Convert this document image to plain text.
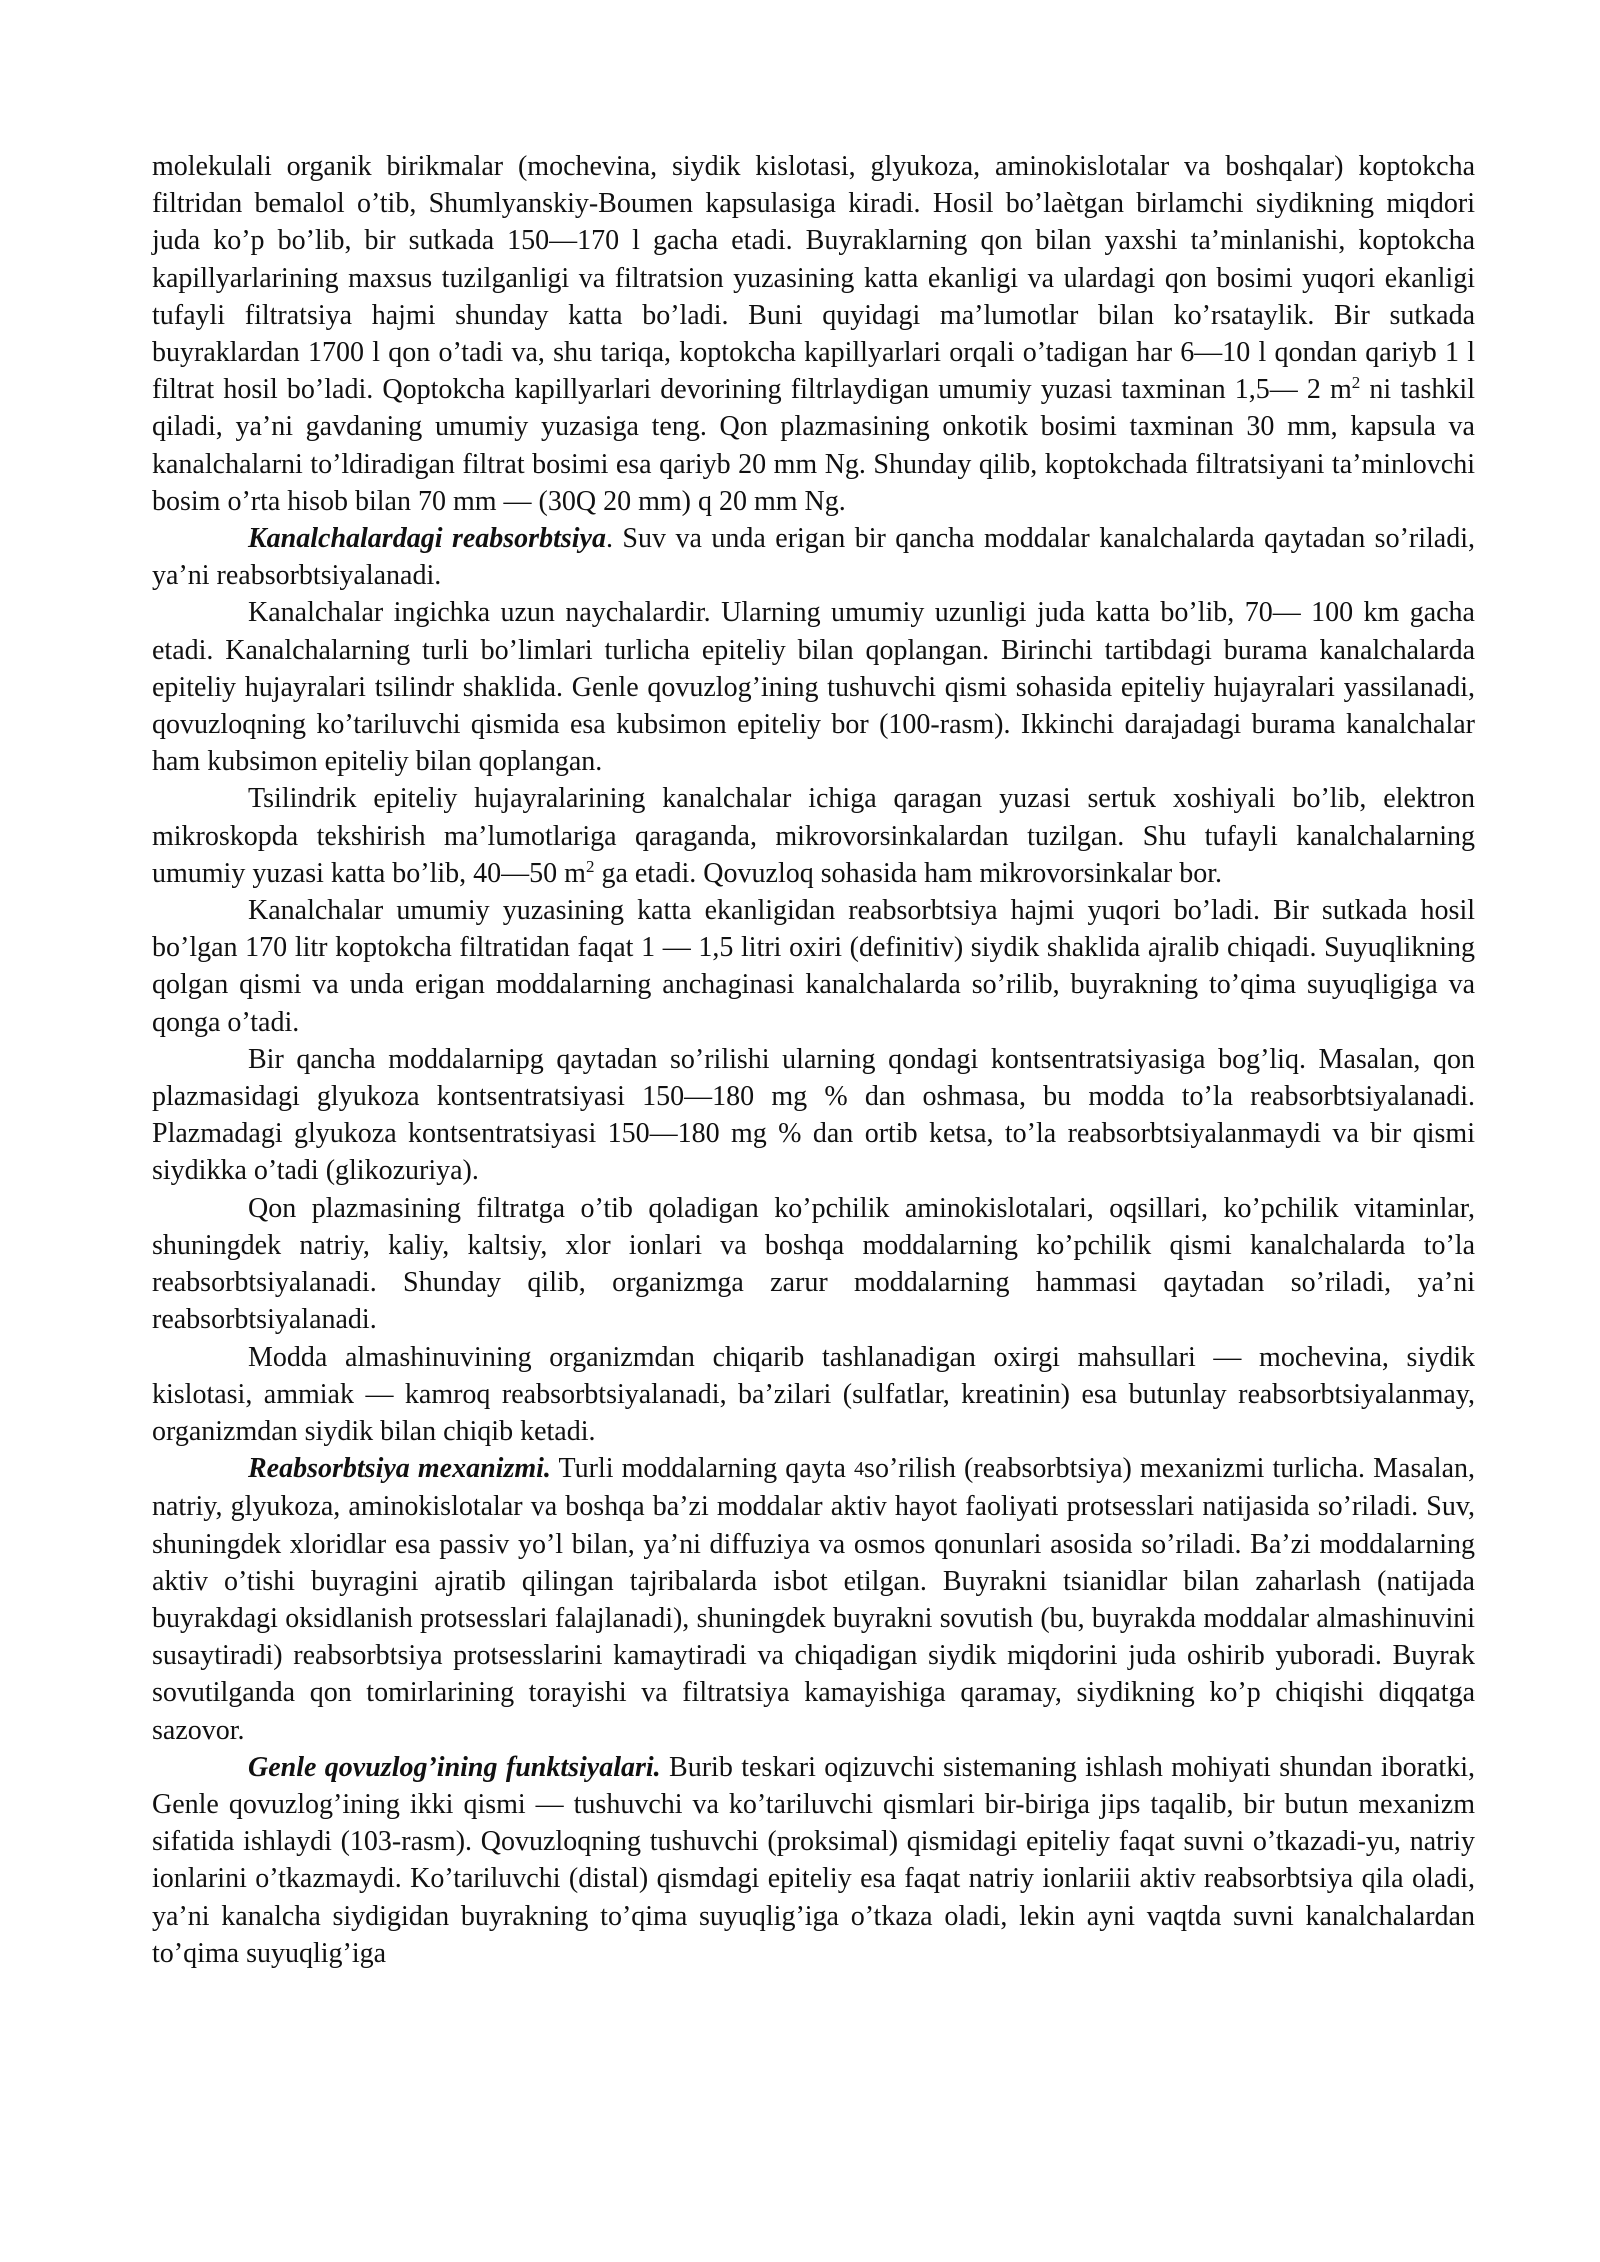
molekulali organik birikmalar (mochevina, siydik kislotasi, glyukoza, aminokislotalar va boshqalar) koptokcha filtridan bemalol o’tib, Shumlyanskiy-Boumen kapsulasiga kiradi. Hosil bo’laètgan birlamchi siydikning miqdori juda ko’p bo’lib, bir sutkada 150—170 l gacha etadi. Buyraklarning qon bilan yaxshi ta’minlanishi, koptokcha kapillyarlarining maxsus tuzilganligi va filtratsion yuzasining katta ekanligi va ulardagi qon bosimi yuqori ekanligi tufayli filtratsiya hajmi shunday katta bo’ladi. Buni quyidagi ma’lumotlar bilan ko’rsataylik. Bir sutkada buyraklardan 1700 l qon o’tadi va, shu tariqa, koptokcha kapillyarlari orqali o’tadigan har 6—10 l qondan qariyb 1 l filtrat hosil bo’ladi. Qoptokcha kapillyarlari devorining filtrlaydigan umumiy yuzasi taxminan 1,5— 2 $m^2$ ni tashkil qiladi, ya’ni gavdaning umumiy yuzasiga teng. Qon plazmasining onkotik bosimi taxminan 30 mm, kapsula va kanalchalarni to’ldiradigan filtrat bosimi esa qariyb 20 mm Ng. Shunday qilib, koptokchada filtratsiyani ta’minlovchi bosim o’rta hisob bilan 70 mm — (30Q 20 mm) q 20 mm Ng.

Kanalchalardagi reabsorbtsiya. Suv va unda erigan bir qancha moddalar kanalchalarda qaytadan so’riladi, ya’ni reabsorbtsiyalanadi.

Kanalchalar ingichka uzun naychalardir. Ularning umumiy uzunligi juda katta bo’lib, 70— 100 km gacha etadi. Kanalchalarning turli bo’limlari turlicha epiteliy bilan qoplangan. Birinchi tartibdagi burama kanalchalarda epiteliy hujayralari tsilindr shaklida. Genle qovuzlog’ining tushuvchi qismi sohasida epiteliy hujayralari yassilanadi, qovuzloqning ko’tariluvchi qismida esa kubsimon epiteliy bor (100-rasm). Ikkinchi darajadagi burama kanalchalar ham kubsimon epiteliy bilan qoplangan.

Tsilindrik epiteliy hujayralarining kanalchalar ichiga qaragan yuzasi sertuk xoshiyali bo’lib, elektron mikroskopda tekshirish ma’lumotlariga qaraganda, mikrovorsinkalardan tuzilgan. Shu tufayli kanalchalarning umumiy yuzasi katta bo’lib, 40—50 $m^2$ ga etadi. Qovuzloq sohasida ham mikrovorsinkalar bor.

Kanalchalar umumiy yuzasining katta ekanligidan reabsorbtsiya hajmi yuqori bo’ladi. Bir sutkada hosil bo’lgan 170 litr koptokcha filtratidan faqat 1 — 1,5 litri oxiri (definitiv) siydik shaklida ajralib chiqadi. Suyuqlikning qolgan qismi va unda erigan moddalarning anchaginasi kanalchalarda so’rilib, buyrakning to’qima suyuqligiga va qonga o’tadi.

Bir qancha moddalarnipg qaytadan so’rilishi ularning qondagi kontsentratsiyasiga bog’liq. Masalan, qon plazmasidagi glyukoza kontsentratsiyasi 150—180 mg % dan oshmasa, bu modda to’la reabsorbtsiyalanadi. Plazmadagi glyukoza kontsentratsiyasi 150—180 mg % dan ortib ketsa, to’la reabsorbtsiyalanmaydi va bir qismi siydikka o’tadi (glikozuriya).

Qon plazmasining filtratga o’tib qoladigan ko’pchilik aminokislotalari, oqsillari, ko’pchilik vitaminlar, shuningdek natriy, kaliy, kaltsiy, xlor ionlari va boshqa moddalarning ko’pchilik qismi kanalchalarda to’la reabsorbtsiyalanadi. Shunday qilib, organizmga zarur moddalarning hammasi qaytadan so’riladi, ya’ni reabsorbtsiyalanadi.

Modda almashinuvining organizmdan chiqarib tashlanadigan oxirgi mahsullari — mochevina, siydik kislotasi, ammiak — kamroq reabsorbtsiyalanadi, ba’zilari (sulfatlar, kreatinin) esa butunlay reabsorbtsiyalanmay, organizmdan siydik bilan chiqib ketadi.

Reabsorbtsiya mexanizmi. Turli moddalarning qayta 4so’rilish (reabsorbtsiya) mexanizmi turlicha. Masalan, natriy, glyukoza, aminokislotalar va boshqa ba’zi moddalar aktiv hayot faoliyati protsesslari natijasida so’riladi. Suv, shuningdek xloridlar esa passiv yo’l bilan, ya’ni diffuziya va osmos qonunlari asosida so’riladi. Ba’zi moddalarning aktiv o’tishi buyragini ajratib qilingan tajribalarda isbot etilgan. Buyrakni tsianidlar bilan zaharlash (natijada buyrakdagi oksidlanish protsesslari falajlanadi), shuningdek buyrakni sovutish (bu, buyrakda moddalar almashinuvini susaytiradi) reabsorbtsiya protsesslarini kamaytiradi va chiqadigan siydik miqdorini juda oshirib yuboradi. Buyrak sovutilganda qon tomirlarining torayishi va filtratsiya kamayishiga qaramay, siydikning ko’p chiqishi diqqatga sazovor.

Genle qovuzlog’ining funktsiyalari. Burib teskari oqizuvchi sistemaning ishlash mohiyati shundan iboratki, Genle qovuzlog’ining ikki qismi — tushuvchi va ko’tariluvchi qismlari bir-biriga jips taqalib, bir butun mexanizm sifatida ishlaydi (103-rasm). Qovuzloqning tushuvchi (proksimal) qismidagi epiteliy faqat suvni o’tkazadi-yu, natriy ionlarini o’tkazmaydi. Ko’tariluvchi (distal) qismdagi epiteliy esa faqat natriy ionlariii aktiv reabsorbtsiya qila oladi, ya’ni kanalcha siydigidan buyrakning to’qima suyuqlig’iga o’tkaza oladi, lekin ayni vaqtda suvni kanalchalardan to’qima suyuqlig’iga
